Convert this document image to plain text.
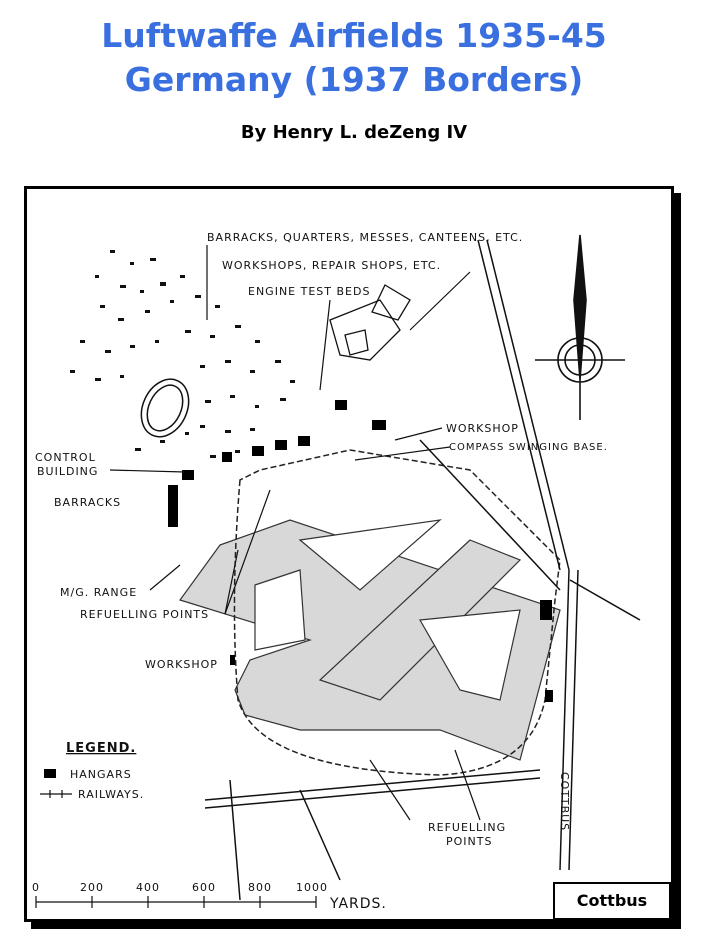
Luftwaffe Airfields 1935-45
Germany (1937 Borders)
By Henry L. deZeng IV
BARRACKS, QUARTERS, MESSES, CANTEENS, ETC.
WORKSHOPS, REPAIR SHOPS, ETC.
ENGINE TEST BEDS
CONTROL
BUILDING
BARRACKS
M/G. RANGE
REFUELLING POINTS
WORKSHOP
WORKSHOP
COMPASS SWINGING BASE.
REFUELLING
POINTS
COTTBUS
LEGEND.
HANGARS
RAILWAYS.
0	200	400	600	800 1000
YARDS.	Cottbus
